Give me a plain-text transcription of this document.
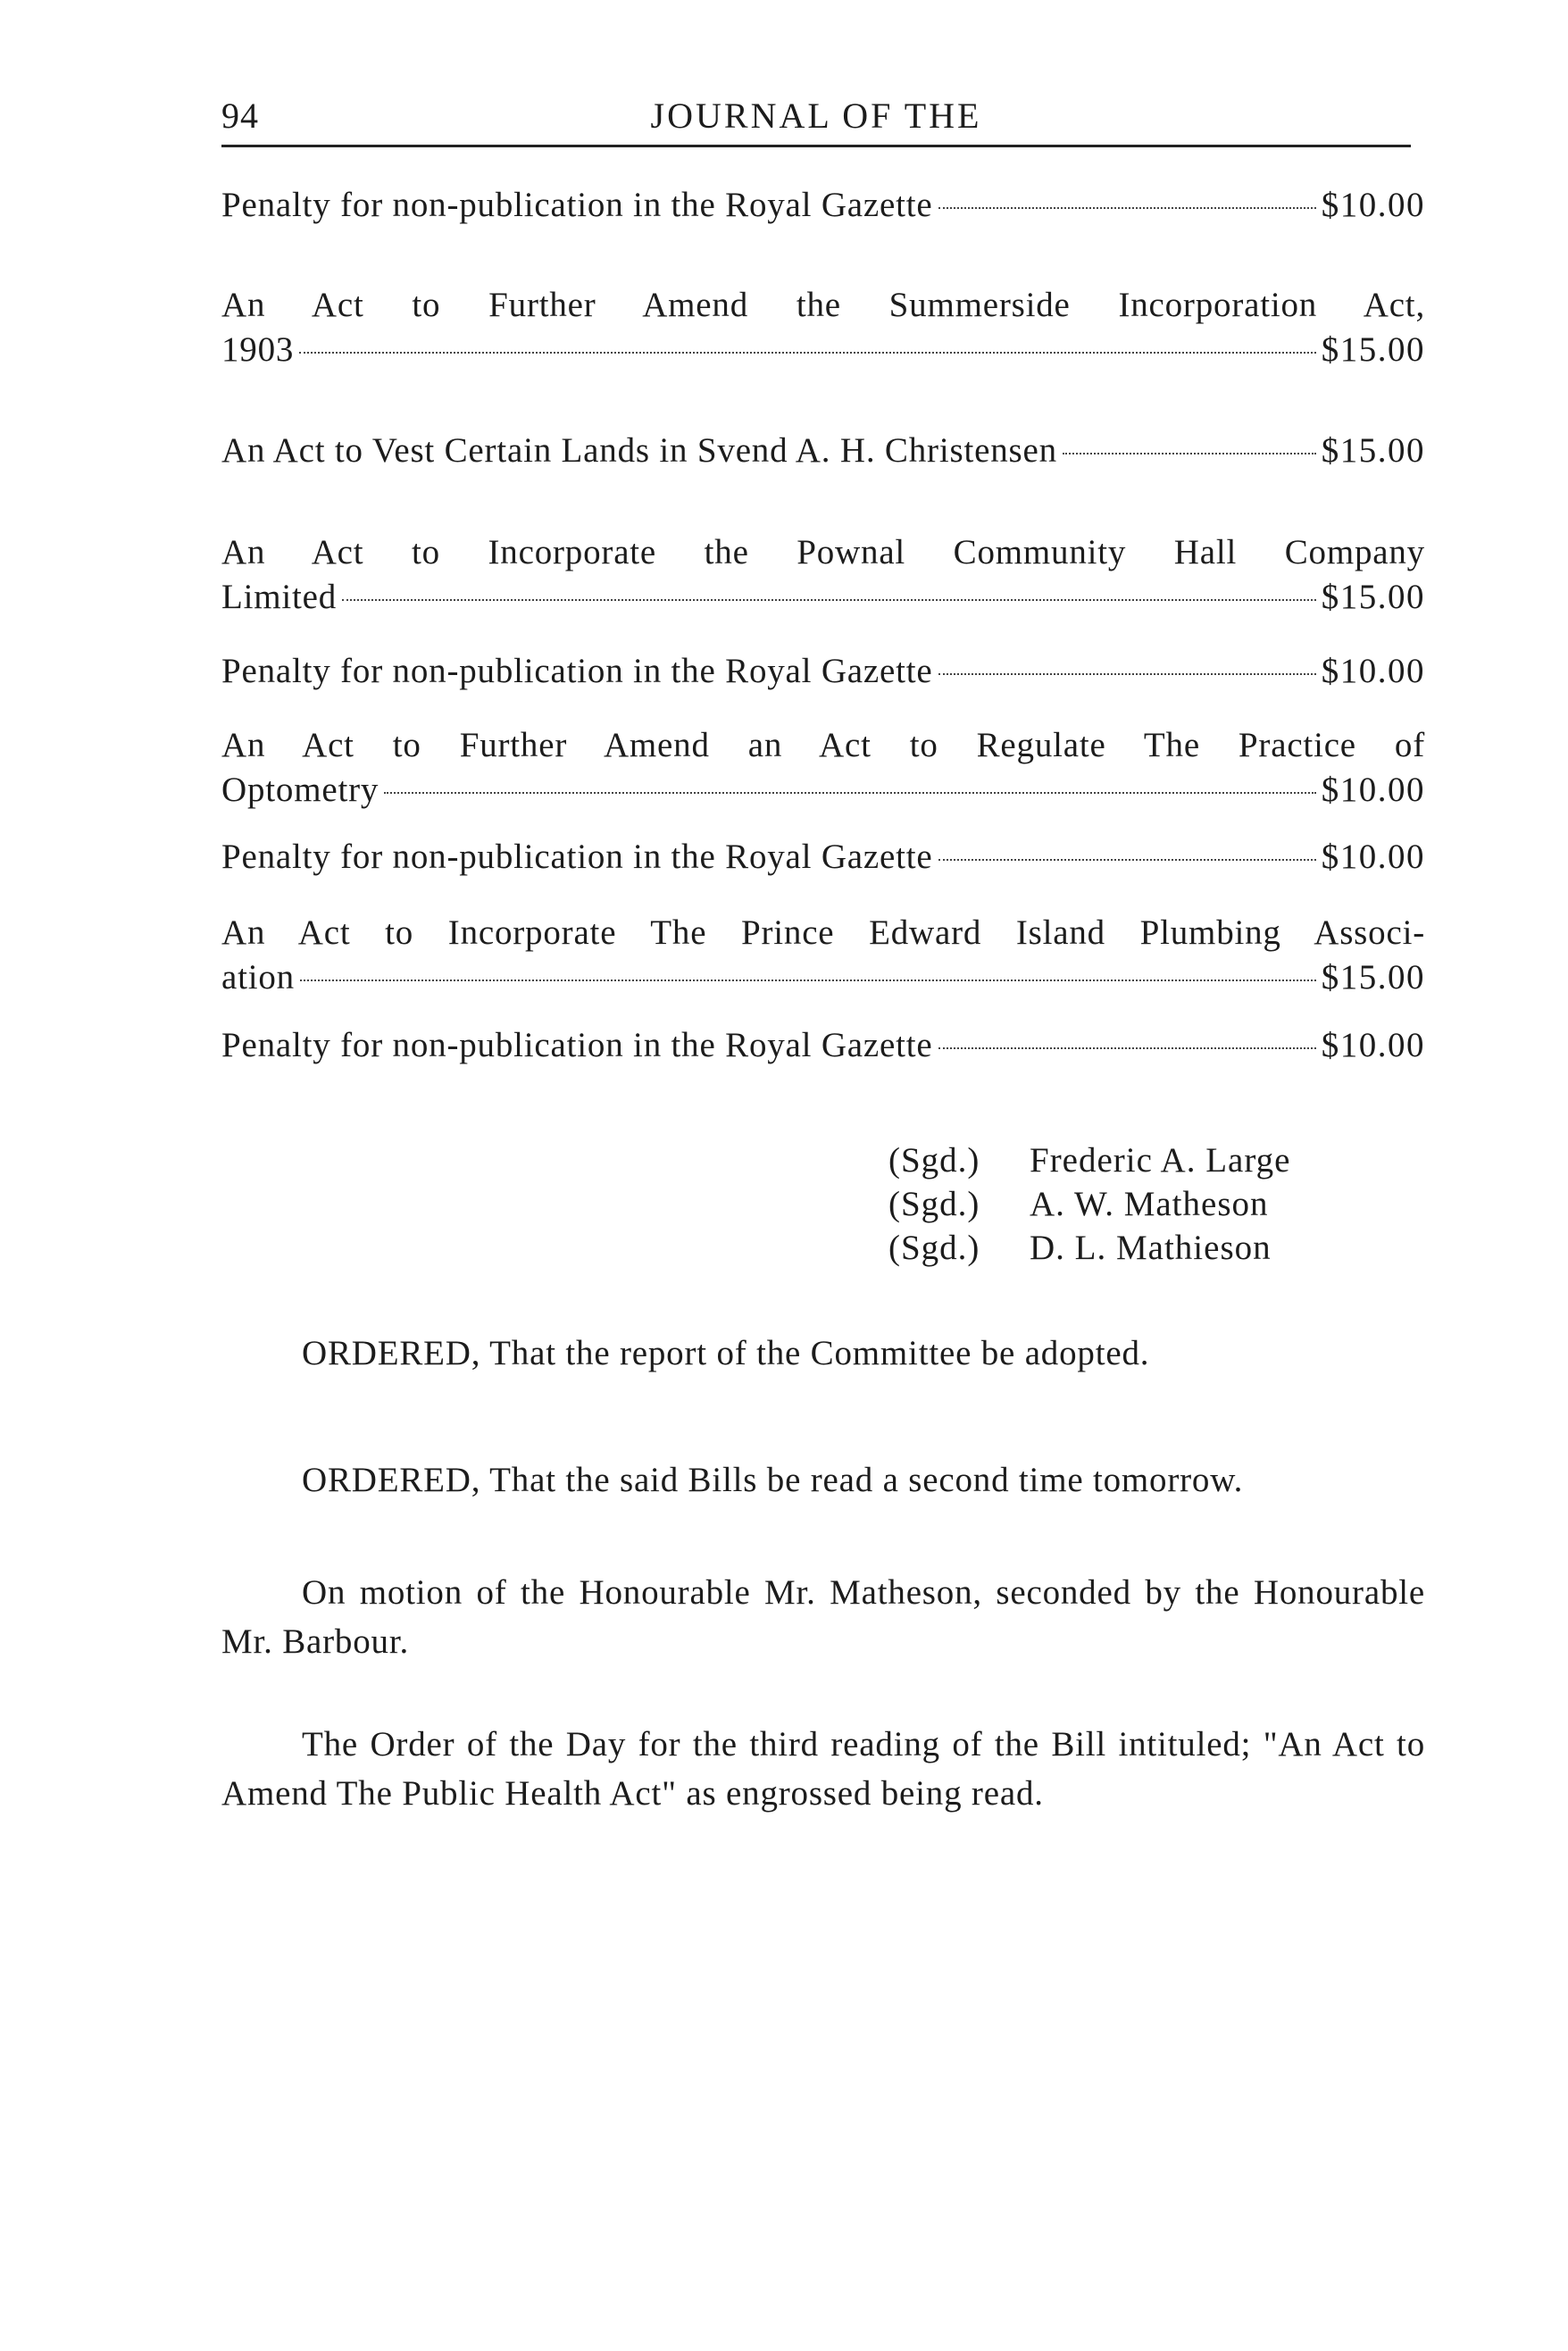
94	JOURNAL OF THE
Penalty for non-publication in the Royal Gazette	$10.00
An Act to Further Amend the Summerside Incorporation Act,
1903	$15.00
An Act to Vest Certain Lands in Svend A. H. Christensen	$15.00
An Act to Incorporate the Pownal Community Hall Company
Limited	$15.00
Penalty for non-publication in the Royal Gazette	$10.00
An Act to Further Amend an Act to Regulate The Practice of
Optometry	$10.00
Penalty for non-publication in the Royal Gazette	$10.00
An Act to Incorporate The Prince Edward Island Plumbing Associ-
ation	$15.00
Penalty for non-publication in the Royal Gazette	$10.00
(Sgd.) Frederic A. Large
(Sgd.) A. W. Matheson
(Sgd.) D. L. Mathieson

ORDERED, That the report of the Committee be adopted.

ORDERED, That the said Bills be read a second time tomorrow.

On motion of the Honourable Mr. Matheson, seconded by the Honourable Mr. Barbour.

The Order of the Day for the third reading of the Bill intituled; "An Act to Amend The Public Health Act" as engrossed being read.
